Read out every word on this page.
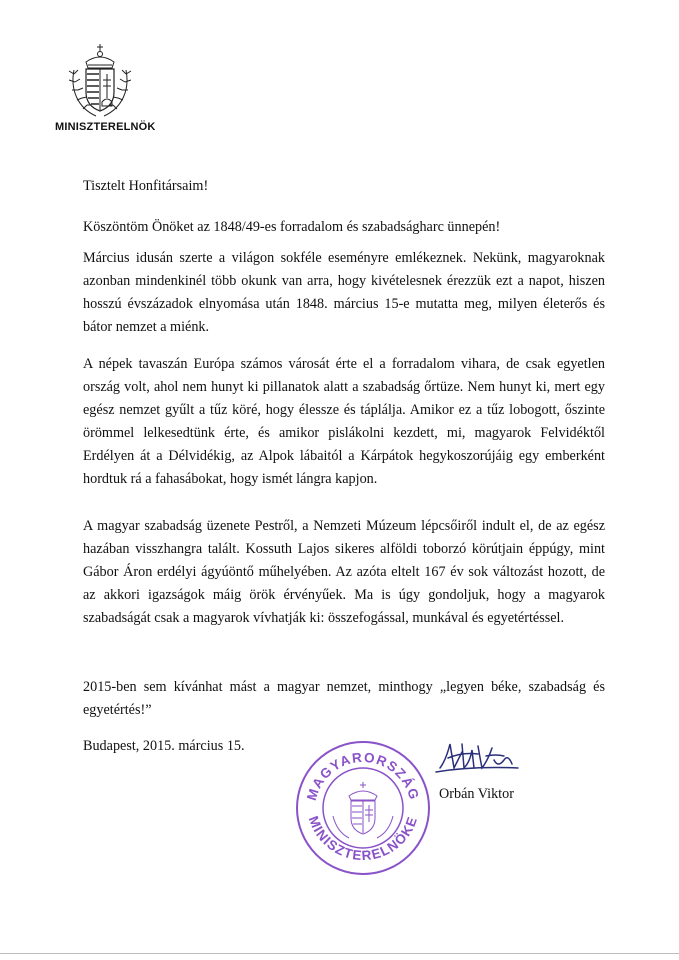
MINISZTERELNÖK
Tisztelt Honfitársaim!
Köszöntöm Önöket az 1848/49-es forradalom és szabadságharc ünnepén!
Március idusán szerte a világon sokféle eseményre emlékeznek. Nekünk, magyaroknak azonban mindenkinél több okunk van arra, hogy kivételesnek érezzük ezt a napot, hiszen hosszú évszázadok elnyomása után 1848. március 15-e mutatta meg, milyen életerős és bátor nemzet a miénk.
A népek tavaszán Európa számos városát érte el a forradalom vihara, de csak egyetlen ország volt, ahol nem hunyt ki pillanatok alatt a szabadság őrtüze. Nem hunyt ki, mert egy egész nemzet gyűlt a tűz köré, hogy élessze és táplálja. Amikor ez a tűz lobogott, őszinte örömmel lelkesedtünk érte, és amikor pislákolni kezdett, mi, magyarok Felvidéktől Erdélyen át a Délvidékig, az Alpok lábaitól a Kárpátok hegykoszorújáig egy emberként hordtuk rá a fahasábokat, hogy ismét lángra kapjon.
A magyar szabadság üzenete Pestről, a Nemzeti Múzeum lépcsőiről indult el, de az egész hazában visszhangra talált. Kossuth Lajos sikeres alföldi toborzó körútjain éppúgy, mint Gábor Áron erdélyi ágyúöntő műhelyében. Az azóta eltelt 167 év sok változást hozott, de az akkori igazságok máig örök érvényűek. Ma is úgy gondoljuk, hogy a magyarok szabadságát csak a magyarok vívhatják ki: összefogással, munkával és egyetértéssel.
2015-ben sem kívánhat mást a magyar nemzet, minthogy „legyen béke, szabadság és egyetértés!”
Budapest, 2015. március 15.
MAGYARORSZÁG
MINISZTERELNÖKE
Orbán Viktor
